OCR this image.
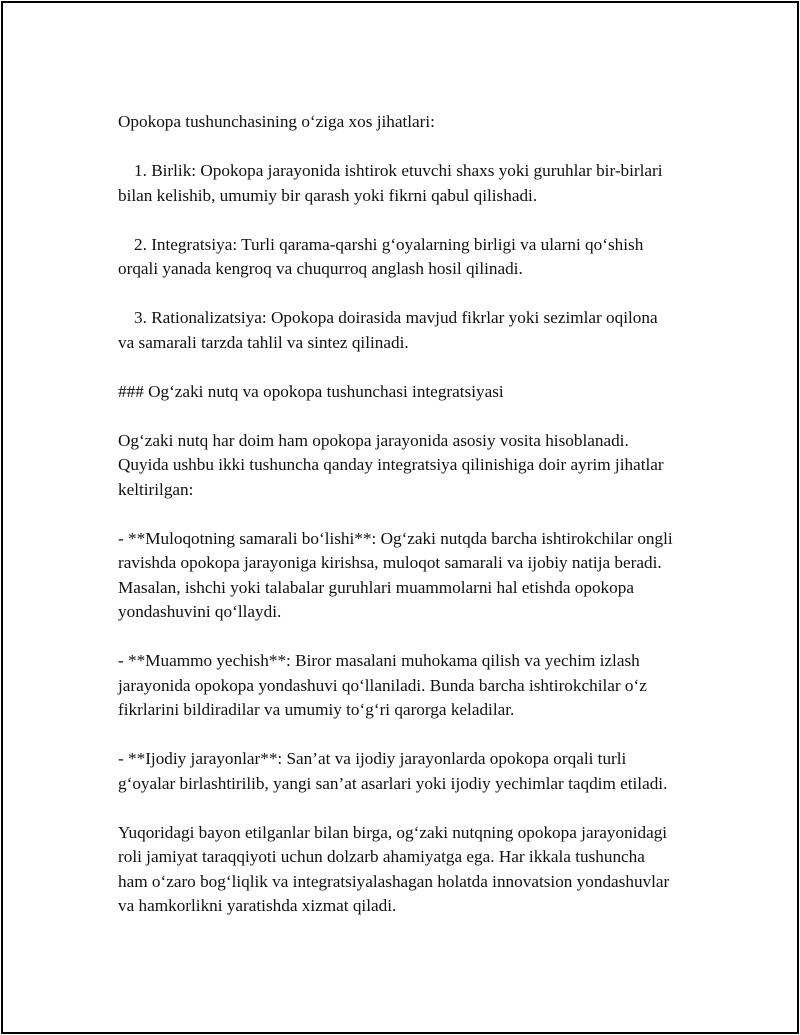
Opokopa tushunchasining o‘ziga xos jihatlari:

1. Birlik: Opokopa jarayonida ishtirok etuvchi shaxs yoki guruhlar bir-birlari bilan kelishib, umumiy bir qarash yoki fikrni qabul qilishadi.

2. Integratsiya: Turli qarama-qarshi g‘oyalarning birligi va ularni qo‘shish orqali yanada kengroq va chuqurroq anglash hosil qilinadi.

3. Rationalizatsiya: Opokopa doirasida mavjud fikrlar yoki sezimlar oqilona va samarali tarzda tahlil va sintez qilinadi.

### Og‘zaki nutq va opokopa tushunchasi integratsiyasi

Og‘zaki nutq har doim ham opokopa jarayonida asosiy vosita hisoblanadi. Quyida ushbu ikki tushuncha qanday integratsiya qilinishiga doir ayrim jihatlar keltirilgan:

- **Muloqotning samarali bo‘lishi**: Og‘zaki nutqda barcha ishtirokchilar ongli ravishda opokopa jarayoniga kirishsa, muloqot samarali va ijobiy natija beradi. Masalan, ishchi yoki talabalar guruhlari muammolarni hal etishda opokopa yondashuvini qo‘llaydi.

- **Muammo yechish**: Biror masalani muhokama qilish va yechim izlash jarayonida opokopa yondashuvi qo‘llaniladi. Bunda barcha ishtirokchilar o‘z fikrlarini bildiradilar va umumiy to‘g‘ri qarorga keladilar.

- **Ijodiy jarayonlar**: San’at va ijodiy jarayonlarda opokopa orqali turli g‘oyalar birlashtirilib, yangi san’at asarlari yoki ijodiy yechimlar taqdim etiladi.

Yuqoridagi bayon etilganlar bilan birga, og‘zaki nutqning opokopa jarayonidagi roli jamiyat taraqqiyoti uchun dolzarb ahamiyatga ega. Har ikkala tushuncha ham o‘zaro bog‘liqlik va integratsiyalashagan holatda innovatsion yondashuvlar va hamkorlikni yaratishda xizmat qiladi.
